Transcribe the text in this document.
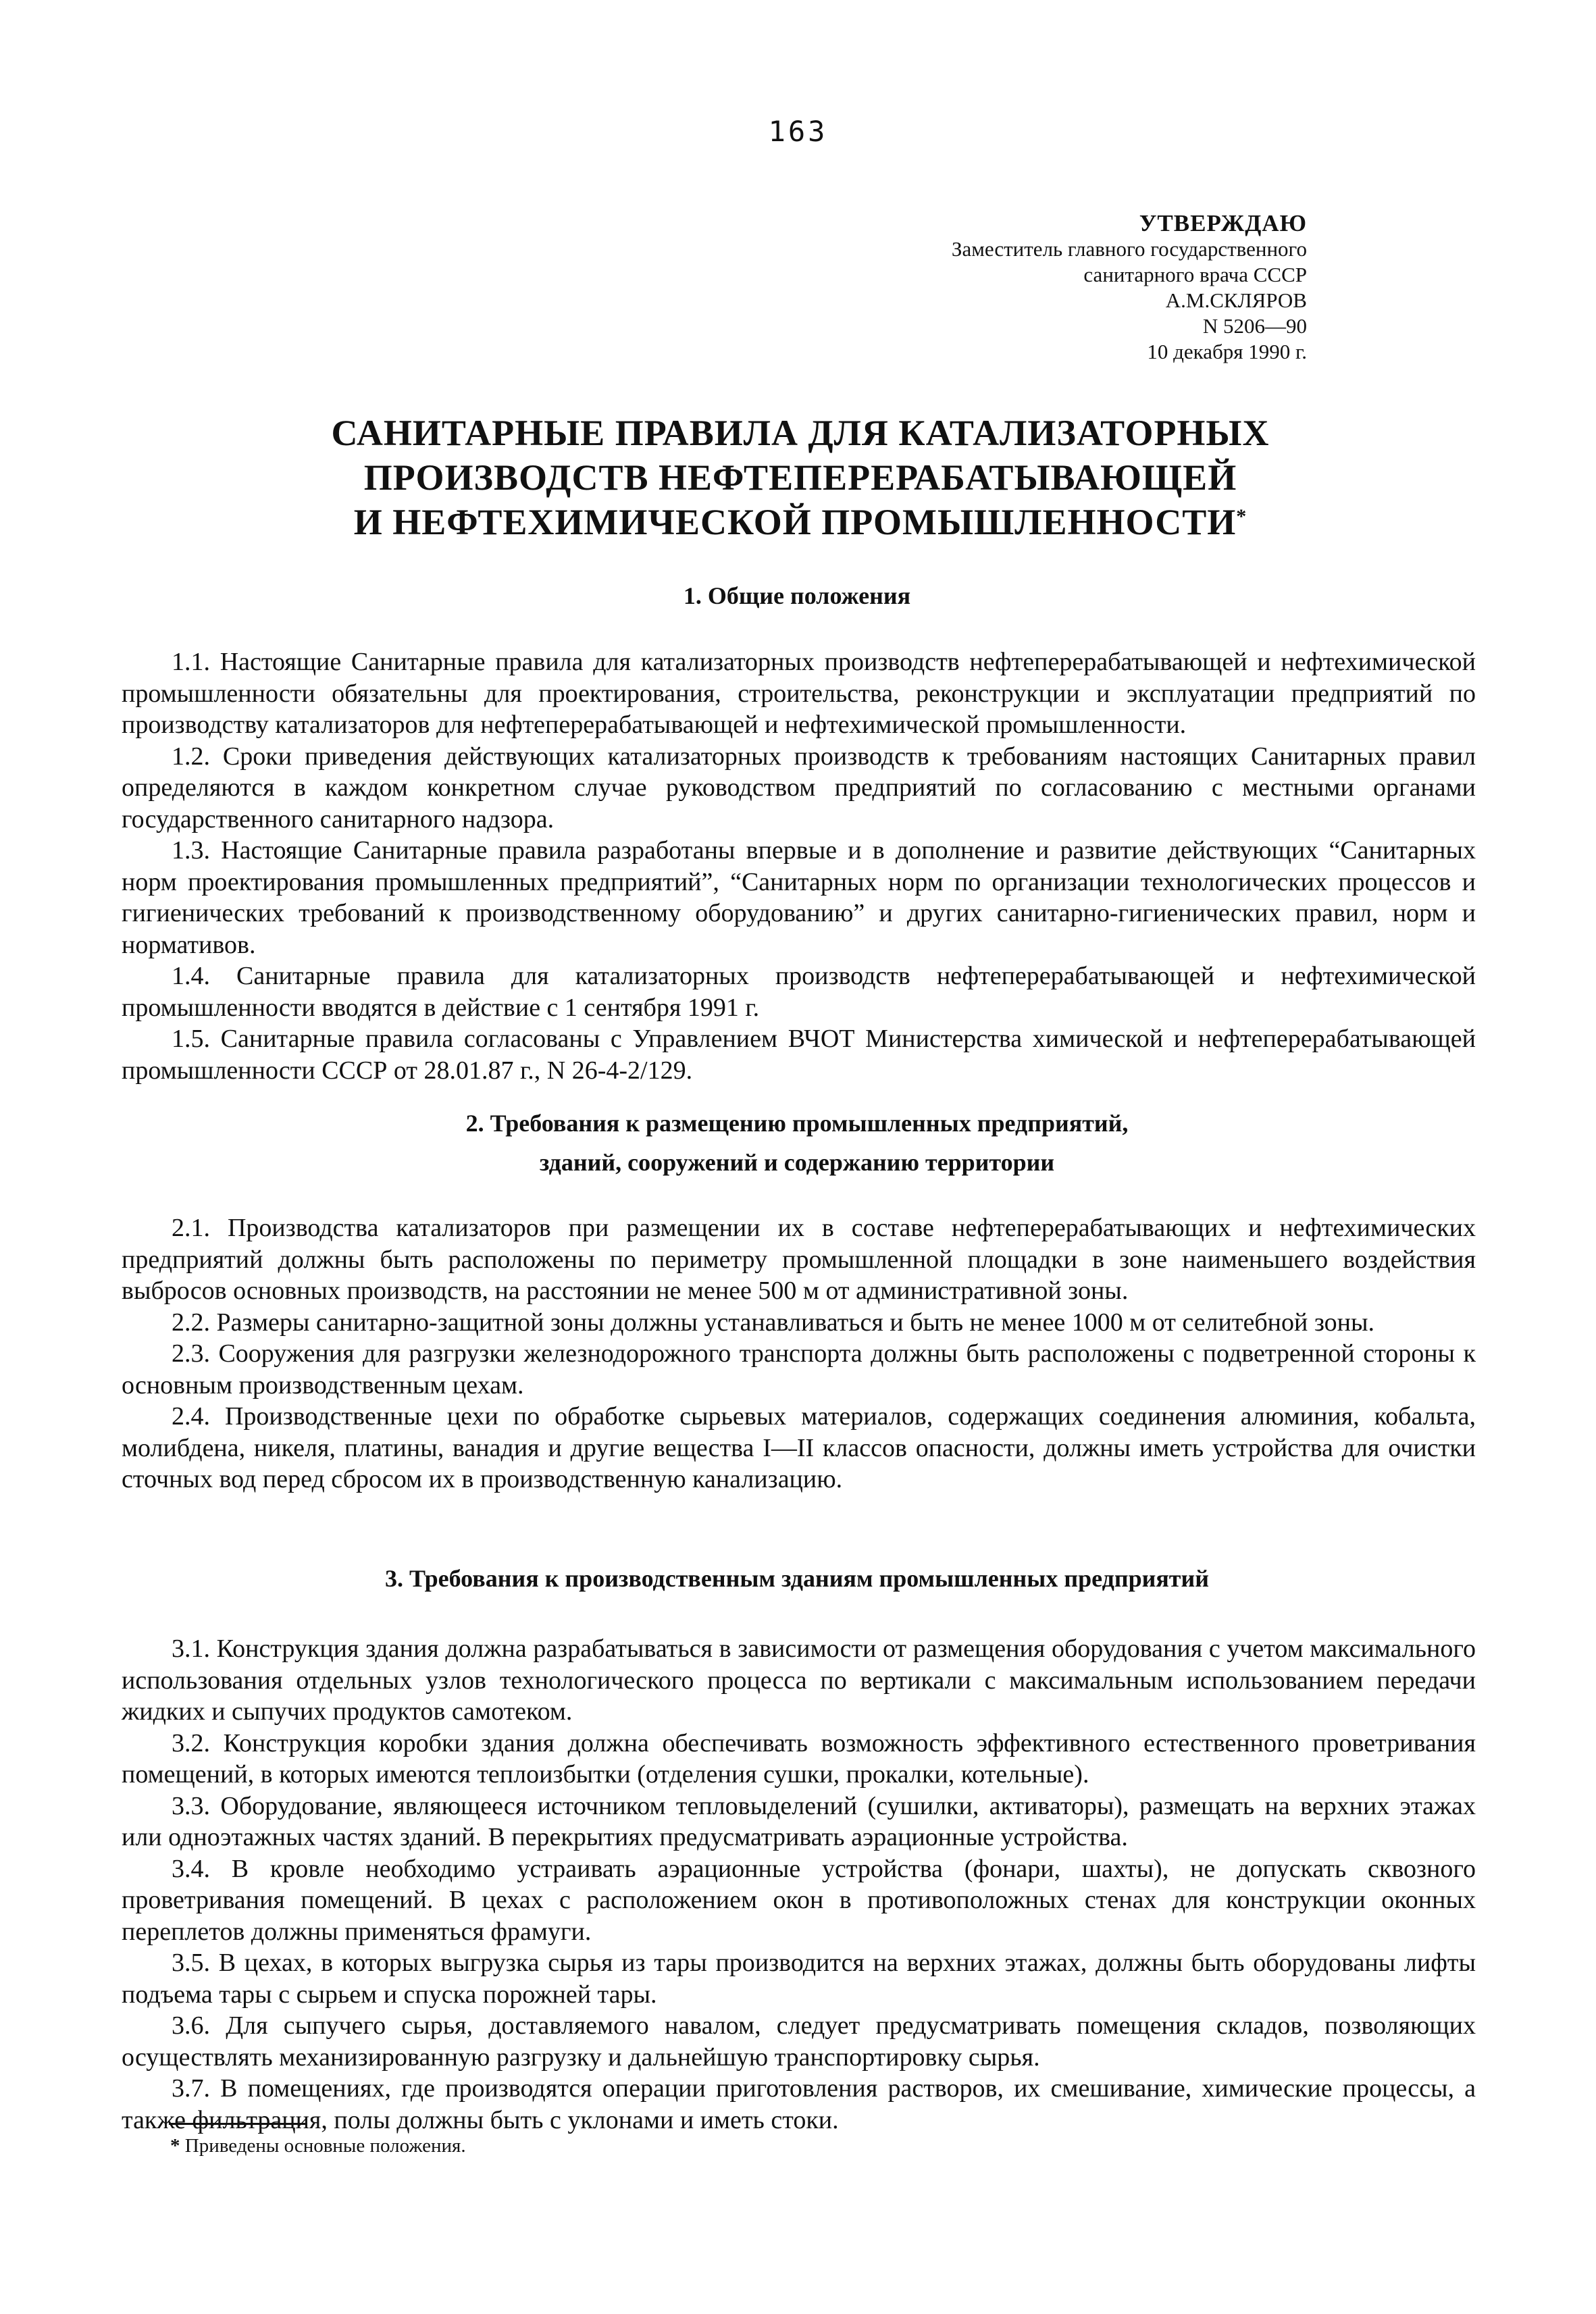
163
УТВЕРЖДАЮ
Заместитель главного государственного
санитарного врача СССР
А.М.СКЛЯРОВ
N 5206—90
10 декабря 1990 г.
САНИТАРНЫЕ ПРАВИЛА ДЛЯ КАТАЛИЗАТОРНЫХ
ПРОИЗВОДСТВ НЕФТЕПЕРЕРАБАТЫВАЮЩЕЙ
И НЕФТЕХИМИЧЕСКОЙ ПРОМЫШЛЕННОСТИ*
1. Общие положения

1.1. Настоящие Санитарные правила для катализаторных производств нефтеперерабатывающей и нефтехимической промышленности обязательны для проектирования, строительства, реконструкции и эксплуатации предприятий по производству катализаторов для нефтеперерабатывающей и нефтехимической промышленности.

1.2. Сроки приведения действующих катализаторных производств к требованиям настоящих Санитарных правил определяются в каждом конкретном случае руководством предприятий по согласованию с местными органами государственного санитарного надзора.

1.3. Настоящие Санитарные правила разработаны впервые и в дополнение и развитие действующих “Санитарных норм проектирования промышленных предприятий”, “Санитарных норм по организации технологических процессов и гигиенических требований к производственному оборудованию” и других санитарно-гигиенических правил, норм и нормативов.

1.4. Санитарные правила для катализаторных производств нефтеперерабатывающей и нефтехимической промышленности вводятся в действие с 1 сентября 1991 г.

1.5. Санитарные правила согласованы с Управлением ВЧОТ Министерства химической и нефтеперерабатывающей промышленности СССР от 28.01.87 г., N 26-4-2/129.

2. Требования к размещению промышленных предприятий,
зданий, сооружений и содержанию территории

2.1. Производства катализаторов при размещении их в составе нефтеперерабатывающих и нефтехимических предприятий должны быть расположены по периметру промышленной площадки в зоне наименьшего воздействия выбросов основных производств, на расстоянии не менее 500 м от административной зоны.

2.2. Размеры санитарно-защитной зоны должны устанавливаться и быть не менее 1000 м от селитебной зоны.

2.3. Сооружения для разгрузки железнодорожного транспорта должны быть расположены с подветренной стороны к основным производственным цехам.

2.4. Производственные цехи по обработке сырьевых материалов, содержащих соединения алюминия, кобальта, молибдена, никеля, платины, ванадия и другие вещества I—II классов опасности, должны иметь устройства для очистки сточных вод перед сбросом их в производственную канализацию.

3. Требования к производственным зданиям промышленных предприятий

3.1. Конструкция здания должна разрабатываться в зависимости от размещения оборудования с учетом максимального использования отдельных узлов технологического процесса по вертикали с максимальным использованием передачи жидких и сыпучих продуктов самотеком.

3.2. Конструкция коробки здания должна обеспечивать возможность эффективного естественного проветривания помещений, в которых имеются теплоизбытки (отделения сушки, прокалки, котельные).

3.3. Оборудование, являющееся источником тепловыделений (сушилки, активаторы), размещать на верхних этажах или одноэтажных частях зданий. В перекрытиях предусматривать аэрационные устройства.

3.4. В кровле необходимо устраивать аэрационные устройства (фонари, шахты), не допускать сквозного проветривания помещений. В цехах с расположением окон в противоположных стенах для конструкции оконных переплетов должны применяться фрамуги.

3.5. В цехах, в которых выгрузка сырья из тары производится на верхних этажах, должны быть оборудованы лифты подъема тары с сырьем и спуска порожней тары.

3.6. Для сыпучего сырья, доставляемого навалом, следует предусматривать помещения складов, позволяющих осуществлять механизированную разгрузку и дальнейшую транспортировку сырья.

3.7. В помещениях, где производятся операции приготовления растворов, их смешивание, химические процессы, а также фильтрация, полы должны быть с уклонами и иметь стоки.

* Приведены основные положения.
